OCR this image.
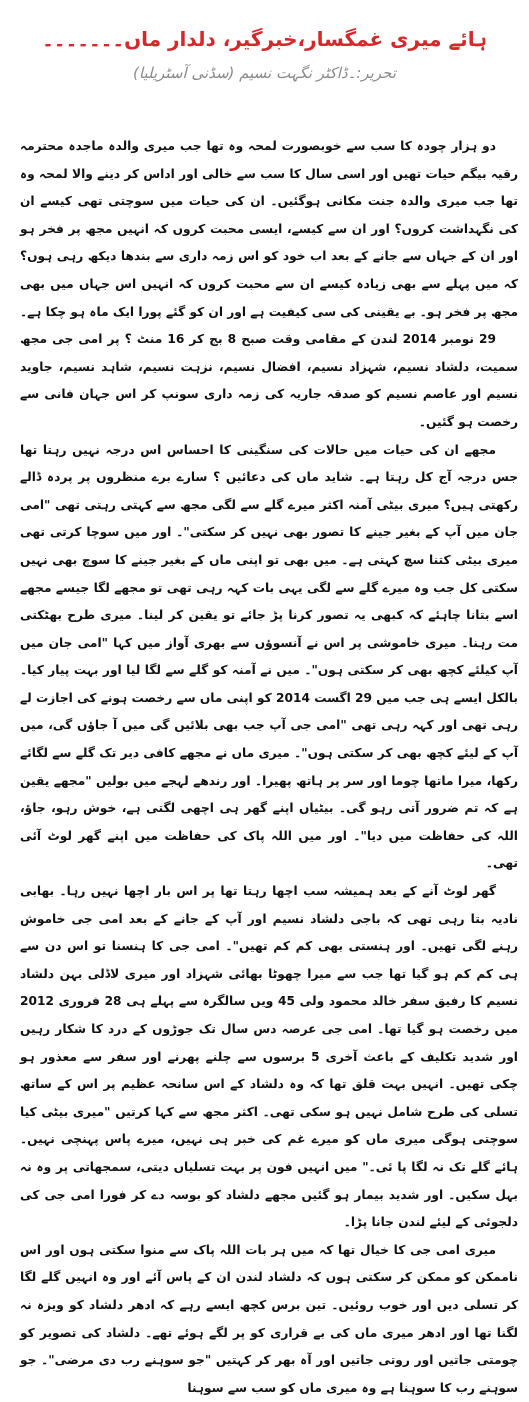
ہائے میری غمگسار،خبرگیر، دلدار ماں۔۔۔۔۔۔۔
تحریر:۔ڈاکٹر نگہت نسیم (سڈنی آسٹریلیا)

دو ہزار چودہ کا سب سے خوبصورت لمحہ وہ تھا جب میری والدہ ماجدہ محترمہ رقیہ بیگم حیات تھیں اور اسی سال کا سب سے خالی اور اداس کر دینے والا لمحہ وہ تھا جب میری والدہ جنت مکانی ہوگئیں۔ ان کی حیات میں سوچتی تھی کیسے ان کی نگہداشت کروں؟ اور ان سے کیسے، ایسی محبت کروں کہ انہیں مجھ پر فخر ہو اور ان کے جہاں سے جانے کے بعد اب خود کو اس زمہ داری سے بندھا دیکھ رہی ہوں؟ کہ میں پہلے سے بھی زیادہ کیسے ان سے محبت کروں کہ انہیں اس جہاں میں بھی مجھ پر فخر ہو۔ بے یقینی کی سی کیفیت ہے اور ان کو گئے پورا ایک ماہ ہو چکا ہے۔

29 نومبر 2014 لندن کے مقامی وقت صبح 8 بج کر 16 منٹ ؟ پر امی جی مجھ سمیت، دلشاد نسیم، شہزاد نسیم، افضال نسیم، نزہت نسیم، شاہد نسیم، جاوید نسیم اور عاصم نسیم کو صدقہ جاریہ کی زمہ داری سونپ کر اس جہان فانی سے رخصت ہو گئیں۔

مجھے ان کی حیات میں حالات کی سنگینی کا احساس اس درجہ نہیں رہتا تھا جس درجہ آج کل رہتا ہے۔ شاید ماں کی دعائیں ؟ سارے برے منظروں پر پردہ ڈالے رکھتی ہیں؟ میری بیٹی آمنہ اکثر میرے گلے سے لگی مجھ سے کہتی رہتی تھی "امی جان میں آپ کے بغیر جینے کا تصور بھی نہیں کر سکتی"۔ اور میں سوچا کرتی تھی میری بیٹی کتنا سچ کہتی ہے۔ میں بھی تو اپنی ماں کے بغیر جینے کا سوچ بھی نہیں سکتی کل جب وہ میرے گلے سے لگی یہی بات کہہ رہی تھی تو مجھے لگا جیسے مجھے اسے بتانا چاہئے کہ کبھی یہ تصور کرنا پڑ جائے تو یقین کر لینا۔ میری طرح بھٹکتی مت رہنا۔ میری خاموشی پر اس نے آنسوؤں سے بھری آواز میں کہا "امی جان میں آپ کیلئے کچھ بھی کر سکتی ہوں"۔ میں نے آمنہ کو گلے سے لگا لیا اور بہت پیار کیا۔ بالکل ایسے ہی جب میں 29 اگست 2014 کو اپنی ماں سے رخصت ہونے کی اجازت لے رہی تھی اور کہہ رہی تھی "امی جی آپ جب بھی بلائیں گی میں آ جاؤں گی، میں آپ کے لیئے کچھ بھی کر سکتی ہوں"۔ میری ماں نے مجھے کافی دیر تک گلے سے لگائے رکھا، میرا ماتھا چوما اور سر پر ہاتھ پھیرا۔ اور رندھے لہجے میں بولیں "مجھے یقین ہے کہ تم ضرور آتی رہو گی۔ بیٹیاں اپنے گھر ہی اچھی لگتی ہے، خوش رہو، جاؤ، اللہ کی حفاظت میں دیا"۔ اور میں اللہ پاک کی حفاظت میں اپنے گھر لوٹ آئی تھی۔

گھر لوٹ آنے کے بعد ہمیشہ سب اچھا رہتا تھا پر اس بار اچھا نہیں رہا۔ بھابی نادیہ بتا رہی تھی کہ باجی دلشاد نسیم اور آپ کے جانے کے بعد امی جی خاموش رہنے لگی تھیں۔ اور ہنستی بھی کم کم تھیں"۔ امی جی کا ہنسنا تو اس دن سے ہی کم کم ہو گیا تھا جب سے میرا چھوٹا بھائی شہزاد اور میری لاڈلی بہن دلشاد نسیم کا رفیق سفر خالد محمود ولی 45 ویں سالگرہ سے پہلے ہی 28 فروری 2012 میں رخصت ہو گیا تھا۔ امی جی عرصہ دس سال تک جوڑوں کے درد کا شکار رہیں اور شدید تکلیف کے باعث آخری 5 برسوں سے چلنے پھرنے اور سفر سے معذور ہو چکی تھیں۔ انہیں بہت قلق تھا کہ وہ دلشاد کے اس سانحہ عظیم پر اس کے ساتھ تسلی کی طرح شامل نہیں ہو سکی تھی۔ اکثر مجھ سے کہا کرتیں "میری بیٹی کیا سوچتی ہوگی میری ماں کو میرے غم کی خبر ہی نہیں، میرے پاس پہنچی نہیں۔ ہائے گلے تک نہ لگا پا ئی۔" میں انہیں فون پر بہت تسلیاں دیتی، سمجھاتی پر وہ نہ بہل سکیں۔ اور شدید بیمار ہو گئیں مجھے دلشاد کو بوسہ دے کر فورا امی جی کی دلجوئی کے لیئے لندن جانا پڑا۔

میری امی جی کا خیال تھا کہ میں ہر بات اللہ پاک سے منوا سکتی ہوں اور اس ناممکن کو ممکن کر سکتی ہوں کہ دلشاد لندن ان کے پاس آئے اور وہ انہیں گلے لگا کر تسلی دیں اور خوب روئیں۔ تین برس کچھ ایسے رہے کہ ادھر دلشاد کو ویزہ نہ لگنا تھا اور ادھر میری ماں کی بے قراری کو پر لگے ہوئے تھے۔ دلشاد کی تصویر کو چومتی جاتیں اور روتی جاتیں اور آہ بھر کر کہتیں "جو سوہنے رب دی مرضی"۔ جو سوہنے رب کا سوہنا ہے وہ میری ماں کو سب سے سوہنا
